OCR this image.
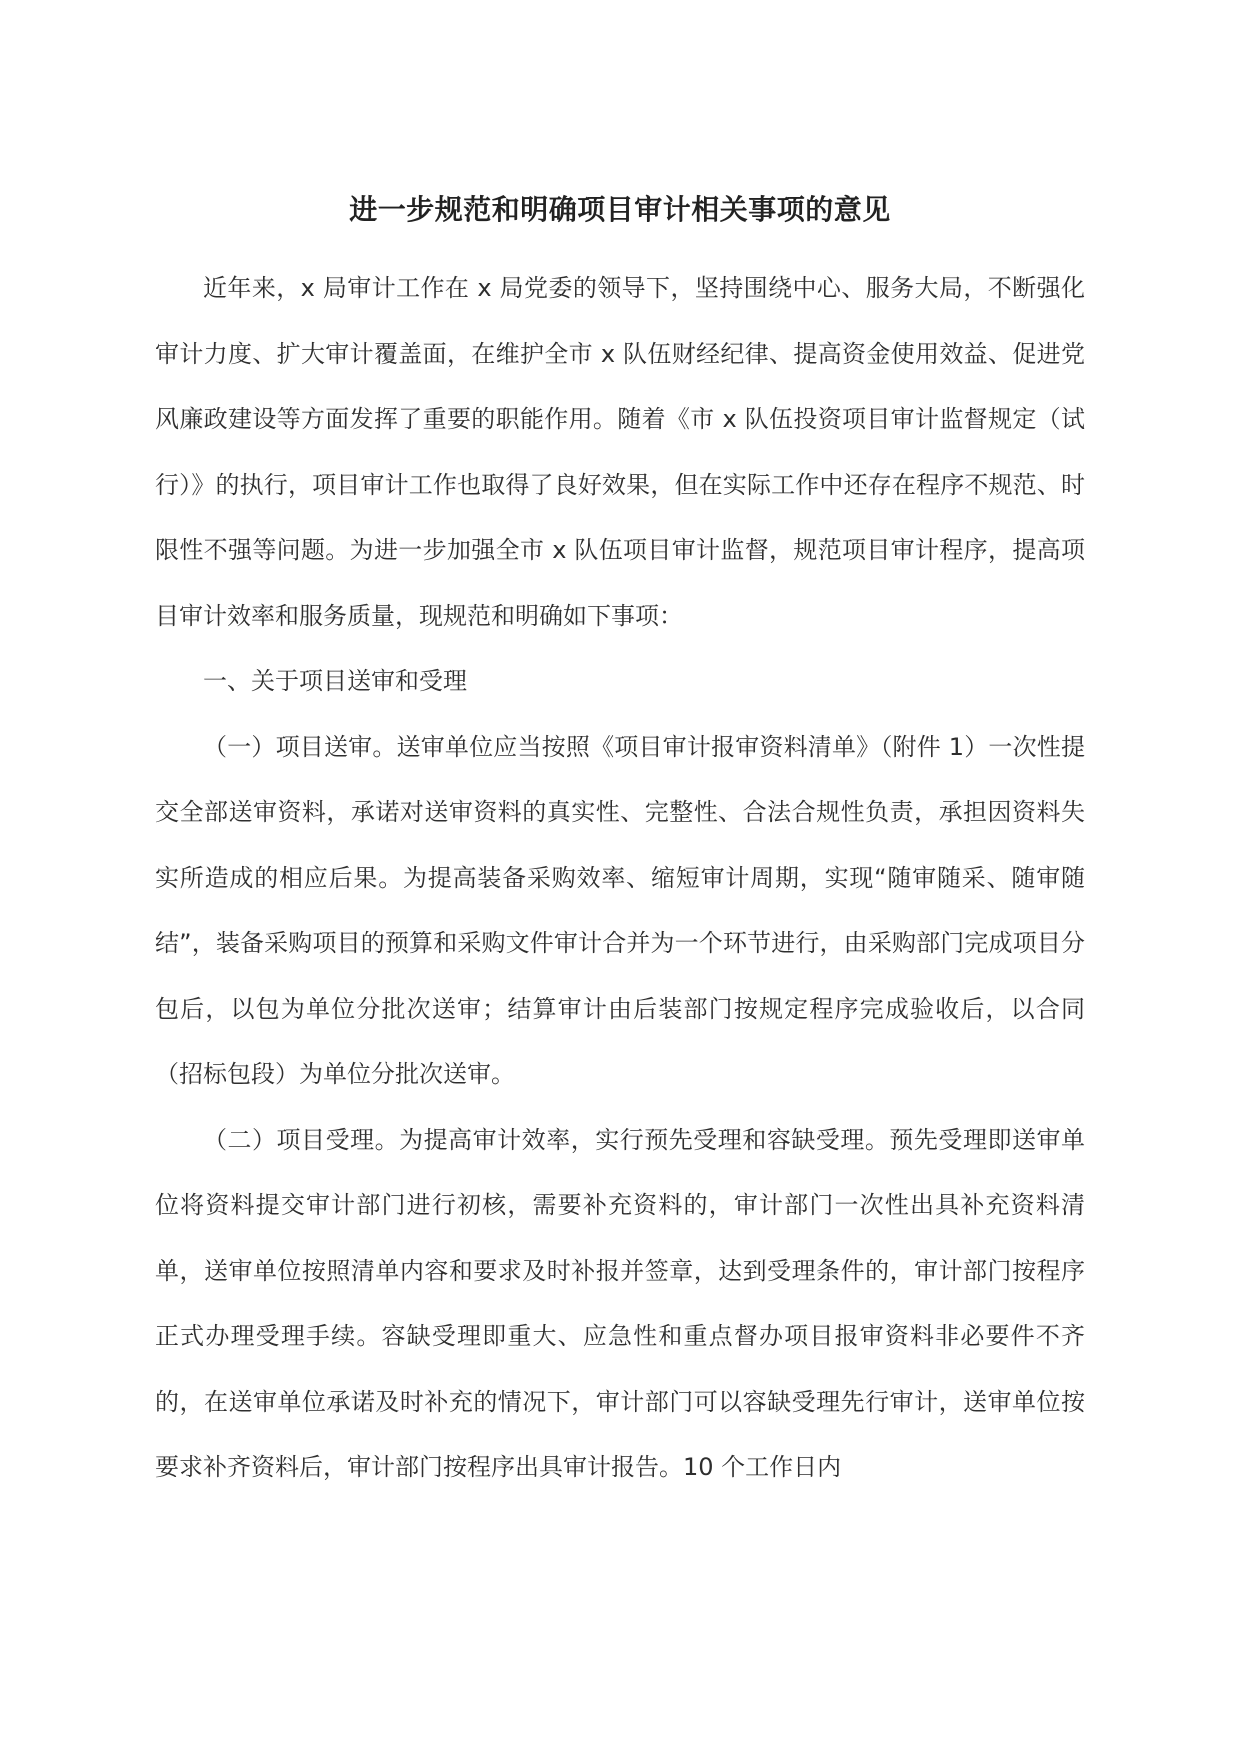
进一步规范和明确项目审计相关事项的意见

近年来，x 局审计工作在 x 局党委的领导下，坚持围绕中心、服务大局，不断强化审计力度、扩大审计覆盖面，在维护全市 x 队伍财经纪律、提高资金使用效益、促进党风廉政建设等方面发挥了重要的职能作用。随着《市 x 队伍投资项目审计监督规定（试行）》的执行，项目审计工作也取得了良好效果，但在实际工作中还存在程序不规范、时限性不强等问题。为进一步加强全市 x 队伍项目审计监督，规范项目审计程序，提高项目审计效率和服务质量，现规范和明确如下事项：

一、关于项目送审和受理

（一）项目送审。送审单位应当按照《项目审计报审资料清单》（附件 1）一次性提交全部送审资料，承诺对送审资料的真实性、完整性、合法合规性负责，承担因资料失实所造成的相应后果。为提高装备采购效率、缩短审计周期，实现“随审随采、随审随结”，装备采购项目的预算和采购文件审计合并为一个环节进行，由采购部门完成项目分包后，以包为单位分批次送审；结算审计由后装部门按规定程序完成验收后，以合同（招标包段）为单位分批次送审。

（二）项目受理。为提高审计效率，实行预先受理和容缺受理。预先受理即送审单位将资料提交审计部门进行初核，需要补充资料的，审计部门一次性出具补充资料清单，送审单位按照清单内容和要求及时补报并签章，达到受理条件的，审计部门按程序正式办理受理手续。容缺受理即重大、应急性和重点督办项目报审资料非必要件不齐的，在送审单位承诺及时补充的情况下，审计部门可以容缺受理先行审计，送审单位按要求补齐资料后，审计部门按程序出具审计报告。10 个工作日内
